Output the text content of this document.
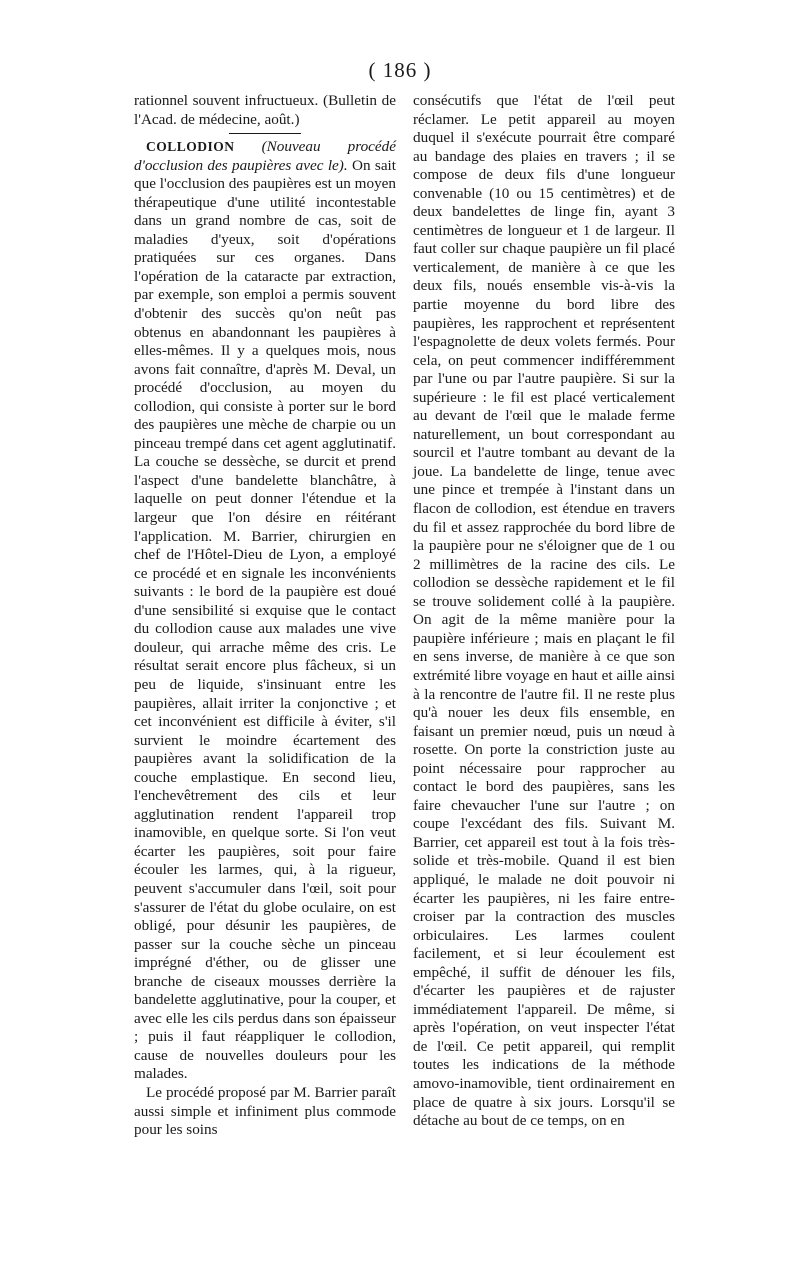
( 186 )

rationnel souvent infructueux. (Bulletin de l'Acad. de médecine, août.)

COLLODION (Nouveau procédé d'occlusion des paupières avec le). On sait que l'occlusion des paupières est un moyen thérapeutique d'une utilité incontestable dans un grand nombre de cas, soit de maladies d'yeux, soit d'opérations pratiquées sur ces organes. Dans l'opération de la cataracte par extraction, par exemple, son emploi a permis souvent d'obtenir des succès qu'on neût pas obtenus en abandonnant les paupières à elles-mêmes. Il y a quelques mois, nous avons fait connaître, d'après M. Deval, un procédé d'occlusion, au moyen du collodion, qui consiste à porter sur le bord des paupières une mèche de charpie ou un pinceau trempé dans cet agent agglutinatif. La couche se dessèche, se durcit et prend l'aspect d'une bandelette blanchâtre, à laquelle on peut donner l'étendue et la largeur que l'on désire en réitérant l'application. M. Barrier, chirurgien en chef de l'Hôtel-Dieu de Lyon, a employé ce procédé et en signale les inconvénients suivants : le bord de la paupière est doué d'une sensibilité si exquise que le contact du collodion cause aux malades une vive douleur, qui arrache même des cris. Le résultat serait encore plus fâcheux, si un peu de liquide, s'insinuant entre les paupières, allait irriter la conjonctive ; et cet inconvénient est difficile à éviter, s'il survient le moindre écartement des paupières avant la solidification de la couche emplastique. En second lieu, l'enchevêtrement des cils et leur agglutination rendent l'appareil trop inamovible, en quelque sorte. Si l'on veut écarter les paupières, soit pour faire écouler les larmes, qui, à la rigueur, peuvent s'accumuler dans l'œil, soit pour s'assurer de l'état du globe oculaire, on est obligé, pour désunir les paupières, de passer sur la couche sèche un pinceau imprégné d'éther, ou de glisser une branche de ciseaux mousses derrière la bandelette agglutinative, pour la couper, et avec elle les cils perdus dans son épaisseur ; puis il faut réappliquer le collodion, cause de nouvelles douleurs pour les malades.

Le procédé proposé par M. Barrier paraît aussi simple et infiniment plus commode pour les soins

consécutifs que l'état de l'œil peut réclamer. Le petit appareil au moyen duquel il s'exécute pourrait être comparé au bandage des plaies en travers ; il se compose de deux fils d'une longueur convenable (10 ou 15 centimètres) et de deux bandelettes de linge fin, ayant 3 centimètres de longueur et 1 de largeur. Il faut coller sur chaque paupière un fil placé verticalement, de manière à ce que les deux fils, noués ensemble vis-à-vis la partie moyenne du bord libre des paupières, les rapprochent et représentent l'espagnolette de deux volets fermés. Pour cela, on peut commencer indifféremment par l'une ou par l'autre paupière. Si sur la supérieure : le fil est placé verticalement au devant de l'œil que le malade ferme naturellement, un bout correspondant au sourcil et l'autre tombant au devant de la joue. La bandelette de linge, tenue avec une pince et trempée à l'instant dans un flacon de collodion, est étendue en travers du fil et assez rapprochée du bord libre de la paupière pour ne s'éloigner que de 1 ou 2 millimètres de la racine des cils. Le collodion se dessèche rapidement et le fil se trouve solidement collé à la paupière. On agit de la même manière pour la paupière inférieure ; mais en plaçant le fil en sens inverse, de manière à ce que son extrémité libre voyage en haut et aille ainsi à la rencontre de l'autre fil. Il ne reste plus qu'à nouer les deux fils ensemble, en faisant un premier nœud, puis un nœud à rosette. On porte la constriction juste au point nécessaire pour rapprocher au contact le bord des paupières, sans les faire chevaucher l'une sur l'autre ; on coupe l'excédant des fils. Suivant M. Barrier, cet appareil est tout à la fois très-solide et très-mobile. Quand il est bien appliqué, le malade ne doit pouvoir ni écarter les paupières, ni les faire entre-croiser par la contraction des muscles orbiculaires. Les larmes coulent facilement, et si leur écoulement est empêché, il suffit de dénouer les fils, d'écarter les paupières et de rajuster immédiatement l'appareil. De même, si après l'opération, on veut inspecter l'état de l'œil. Ce petit appareil, qui remplit toutes les indications de la méthode amovo-inamovible, tient ordinairement en place de quatre à six jours. Lorsqu'il se détache au bout de ce temps, on en
